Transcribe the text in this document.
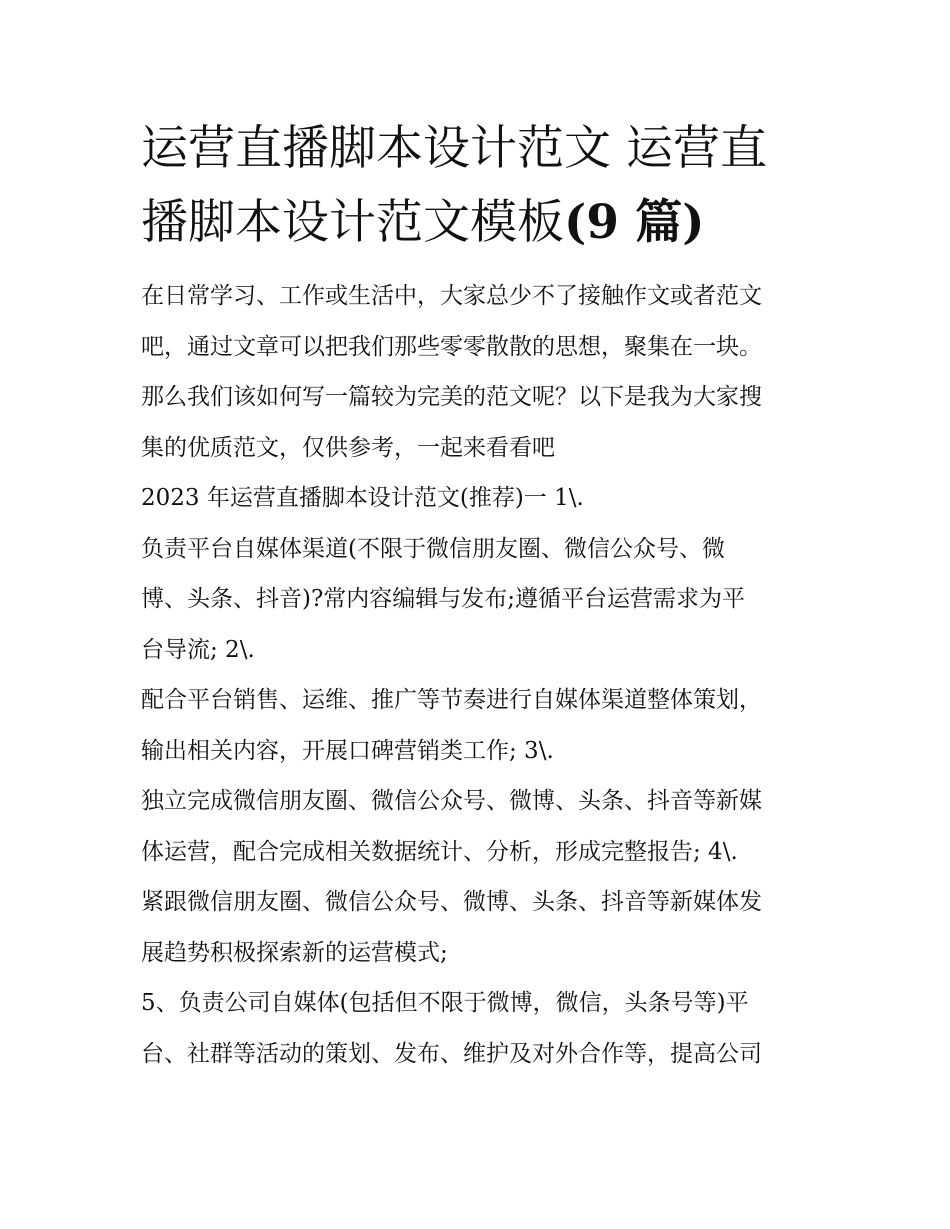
运营直播脚本设计范文 运营直
播脚本设计范文模板(9 篇)

在日常学习、工作或生活中，大家总少不了接触作文或者范文

吧，通过文章可以把我们那些零零散散的思想，聚集在一块。

那么我们该如何写一篇较为完美的范文呢？以下是我为大家搜

集的优质范文，仅供参考，一起来看看吧

2023 年运营直播脚本设计范文(推荐)一 1\.

负责平台自媒体渠道(不限于微信朋友圈、微信公众号、微

博、头条、抖音)?常内容编辑与发布;遵循平台运营需求为平

台导流; 2\.

配合平台销售、运维、推广等节奏进行自媒体渠道整体策划，

输出相关内容，开展口碑营销类工作; 3\.

独立完成微信朋友圈、微信公众号、微博、头条、抖音等新媒

体运营，配合完成相关数据统计、分析，形成完整报告; 4\.

紧跟微信朋友圈、微信公众号、微博、头条、抖音等新媒体发

展趋势积极探索新的运营模式;

5、负责公司自媒体(包括但不限于微博，微信，头条号等)平

台、社群等活动的策划、发布、维护及对外合作等，提高公司
